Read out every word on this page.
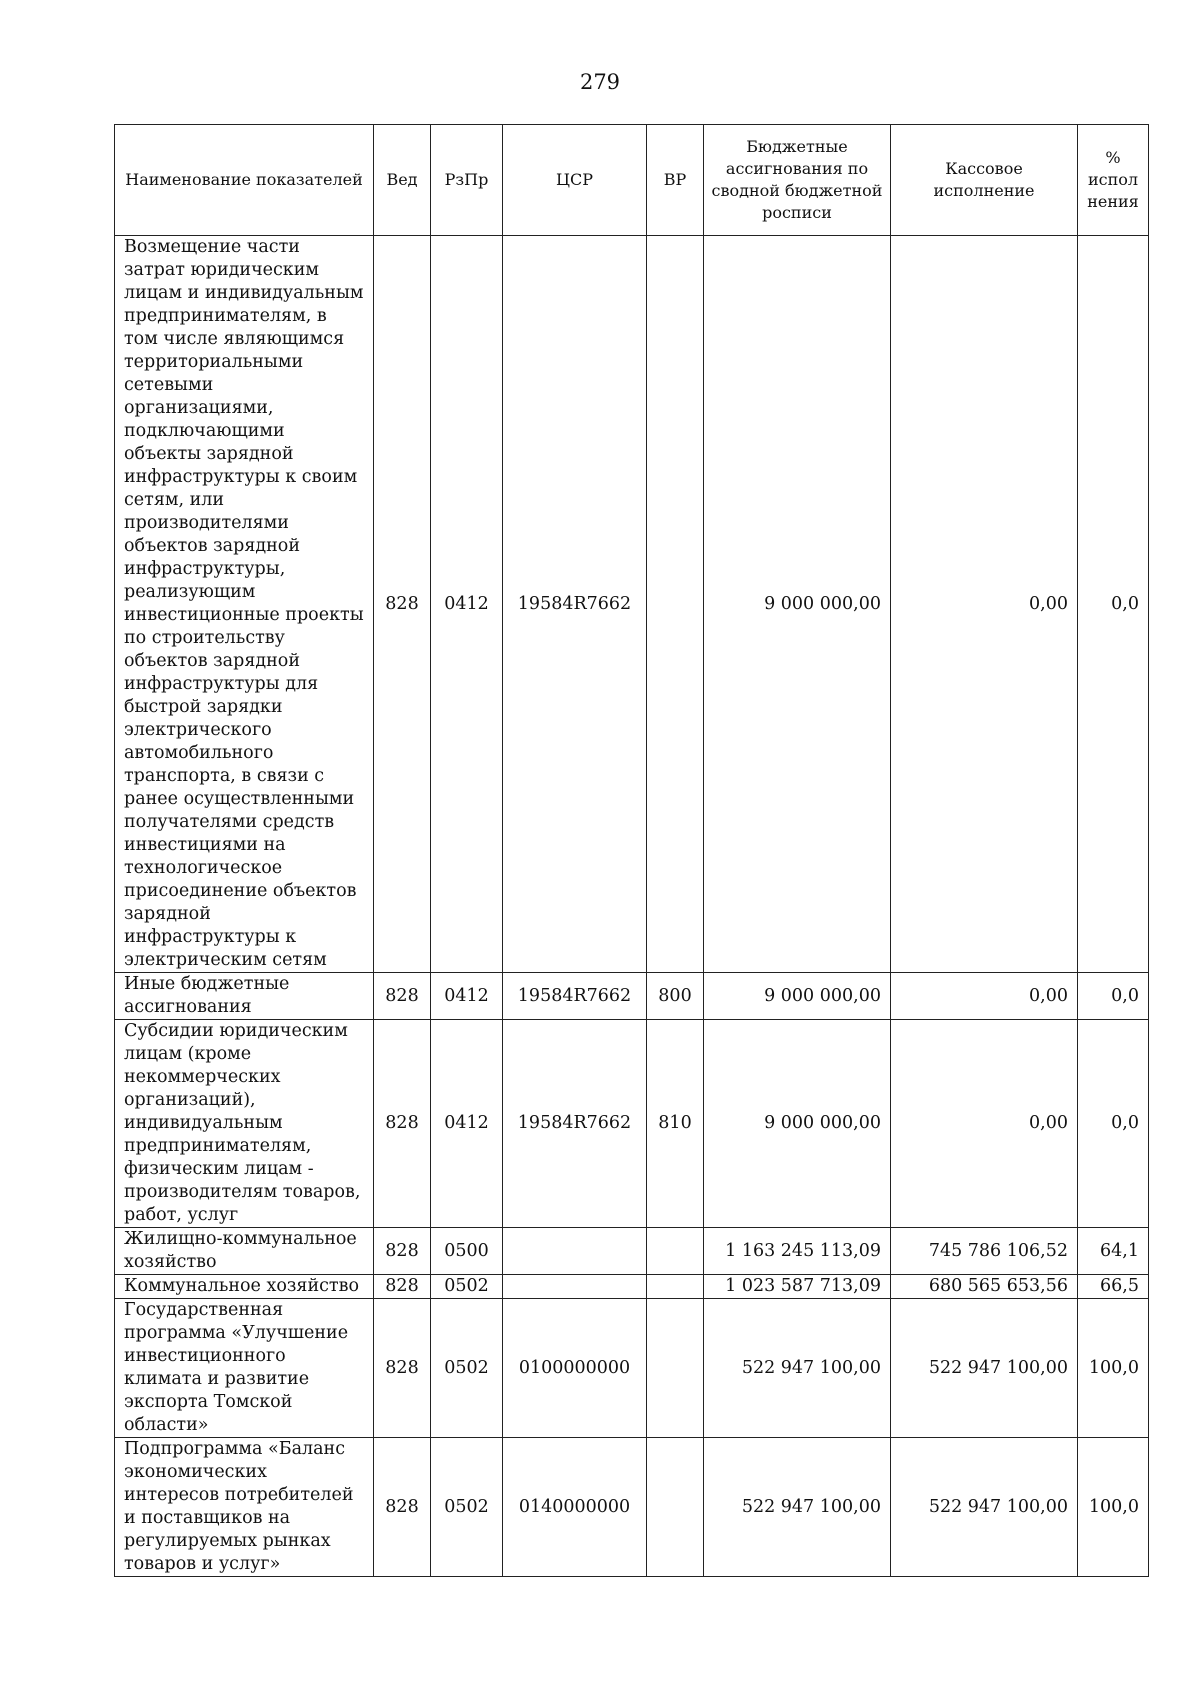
279
Наименование показателей	Вед	РзПр	ЦСР	ВР	Бюджетные ассигнования по сводной бюджетной росписи	Кассовое исполнение	% испол нения
Возмещение части затрат юридическим лицам и индивидуальным предпринимателям, в том числе являющимся территориальными сетевыми организациями, подключающими объекты зарядной инфраструктуры к своим сетям, или производителями объектов зарядной инфраструктуры, реализующим инвестиционные проекты по строительству объектов зарядной инфраструктуры для быстрой зарядки электрического автомобильного транспорта, в связи с ранее осуществленными получателями средств инвестициями на технологическое присоединение объектов зарядной инфраструктуры к электрическим сетям	828	0412	19584R7662		9 000 000,00	0,00	0,0
Иные бюджетные ассигнования	828	0412	19584R7662	800	9 000 000,00	0,00	0,0
Субсидии юридическим лицам (кроме некоммерческих организаций), индивидуальным предпринимателям, физическим лицам - производителям товаров, работ, услуг	828	0412	19584R7662	810	9 000 000,00	0,00	0,0
Жилищно-коммунальное хозяйство	828	0500			1 163 245 113,09	745 786 106,52	64,1
Коммунальное хозяйство	828	0502			1 023 587 713,09	680 565 653,56	66,5
Государственная программа «Улучшение инвестиционного климата и развитие экспорта Томской области»	828	0502	0100000000		522 947 100,00	522 947 100,00	100,0
Подпрограмма «Баланс экономических интересов потребителей и поставщиков на регулируемых рынках товаров и услуг»	828	0502	0140000000		522 947 100,00	522 947 100,00	100,0
